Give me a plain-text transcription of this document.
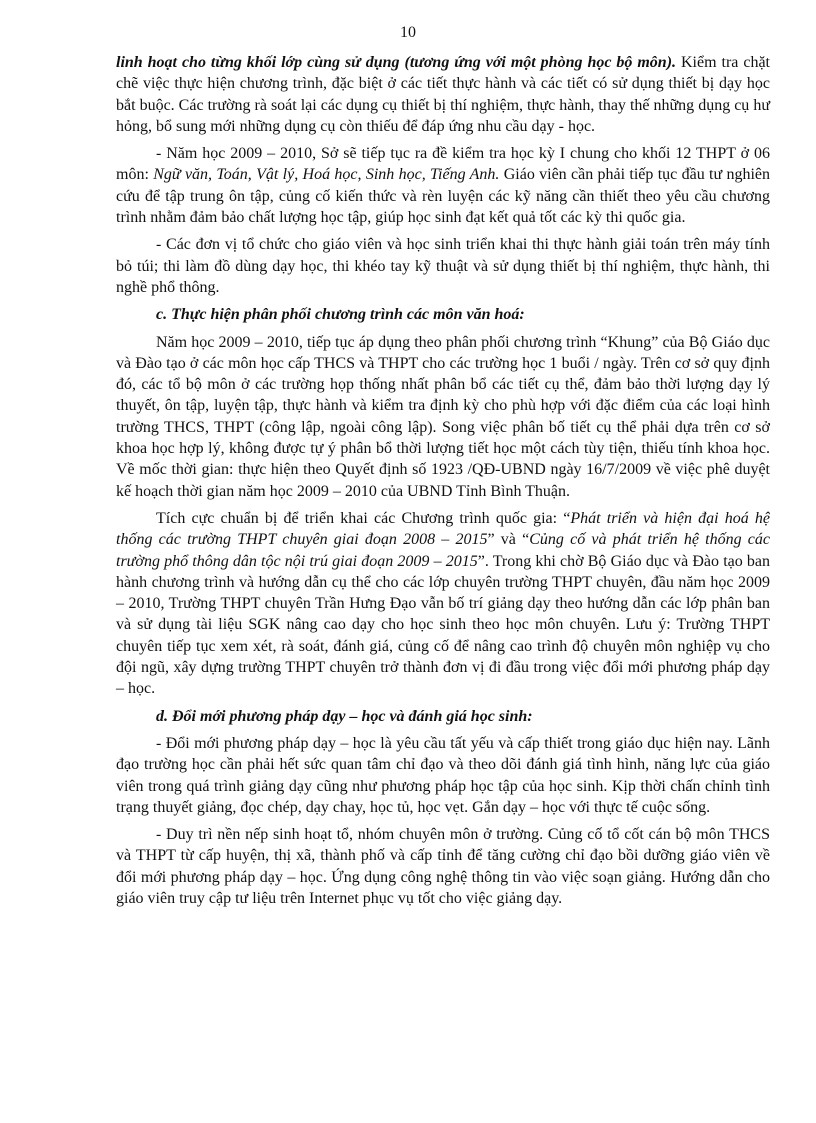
10

linh hoạt cho từng khối lớp cùng sử dụng (tương ứng với một phòng học bộ môn). Kiểm tra chặt chẽ việc thực hiện chương trình, đặc biệt ở các tiết thực hành và các tiết có sử dụng thiết bị dạy học bắt buộc. Các trường rà soát lại các dụng cụ thiết bị thí nghiệm, thực hành, thay thế những dụng cụ hư hỏng, bổ sung mới những dụng cụ còn thiếu để đáp ứng nhu cầu dạy - học.

- Năm học 2009 – 2010, Sở sẽ tiếp tục ra đề kiểm tra học kỳ I chung cho khối 12 THPT ở 06 môn: Ngữ văn, Toán, Vật lý, Hoá học, Sinh học, Tiếng Anh. Giáo viên cần phải tiếp tục đầu tư nghiên cứu để tập trung ôn tập, củng cố kiến thức và rèn luyện các kỹ năng cần thiết theo yêu cầu chương trình nhằm đảm bảo chất lượng học tập, giúp học sinh đạt kết quả tốt các kỳ thi quốc gia.

- Các đơn vị tổ chức cho giáo viên và học sinh triển khai thi thực hành giải toán trên máy tính bỏ túi; thi làm đồ dùng dạy học, thi khéo tay kỹ thuật và sử dụng thiết bị thí nghiệm, thực hành, thi nghề phổ thông.

c. Thực hiện phân phối chương trình các môn văn hoá:

Năm học 2009 – 2010, tiếp tục áp dụng theo phân phối chương trình “Khung” của Bộ Giáo dục và Đào tạo ở các môn học cấp THCS và THPT cho các trường học 1 buổi / ngày. Trên cơ sở quy định đó, các tổ bộ môn ở các trường họp thống nhất phân bổ các tiết cụ thể, đảm bảo thời lượng dạy lý thuyết, ôn tập, luyện tập, thực hành và kiểm tra định kỳ cho phù hợp với đặc điểm của các loại hình trường THCS, THPT (công lập, ngoài công lập). Song việc phân bố tiết cụ thể phải dựa trên cơ sở khoa học hợp lý, không được tự ý phân bổ thời lượng tiết học một cách tùy tiện, thiếu tính khoa học. Về mốc thời gian: thực hiện theo Quyết định số 1923 /QĐ-UBND ngày 16/7/2009 về việc phê duyệt kế hoạch thời gian năm học 2009 – 2010 của UBND Tỉnh Bình Thuận.

Tích cực chuẩn bị để triển khai các Chương trình quốc gia: “Phát triển và hiện đại hoá hệ thống các trường THPT chuyên giai đoạn 2008 – 2015” và “Củng cố và phát triển hệ thống các trường phổ thông dân tộc nội trú giai đoạn 2009 – 2015”. Trong khi chờ Bộ Giáo dục và Đào tạo ban hành chương trình và hướng dẫn cụ thể cho các lớp chuyên trường THPT chuyên, đầu năm học 2009 – 2010, Trường THPT chuyên Trần Hưng Đạo vẫn bố trí giảng dạy theo hướng dẫn các lớp phân ban và sử dụng tài liệu SGK nâng cao dạy cho học sinh theo học môn chuyên. Lưu ý: Trường THPT chuyên tiếp tục xem xét, rà soát, đánh giá, củng cố để nâng cao trình độ chuyên môn nghiệp vụ cho đội ngũ, xây dựng trường THPT chuyên trở thành đơn vị đi đầu trong việc đổi mới phương pháp dạy – học.

d. Đổi mới phương pháp dạy – học và đánh giá học sinh:

- Đổi mới phương pháp dạy – học là yêu cầu tất yếu và cấp thiết trong giáo dục hiện nay. Lãnh đạo trường học cần phải hết sức quan tâm chỉ đạo và theo dõi đánh giá tình hình, năng lực của giáo viên trong quá trình giảng dạy cũng như phương pháp học tập của học sinh. Kịp thời chấn chỉnh tình trạng thuyết giảng, đọc chép, dạy chay, học tủ, học vẹt. Gắn dạy – học với thực tế cuộc sống.

- Duy trì nền nếp sinh hoạt tổ, nhóm chuyên môn ở trường. Củng cố tổ cốt cán bộ môn THCS và THPT từ cấp huyện, thị xã, thành phố và cấp tỉnh để tăng cường chỉ đạo bồi dưỡng giáo viên về đổi mới phương pháp dạy – học. Ứng dụng công nghệ thông tin vào việc soạn giảng. Hướng dẫn cho giáo viên truy cập tư liệu trên Internet phục vụ tốt cho việc giảng dạy.
